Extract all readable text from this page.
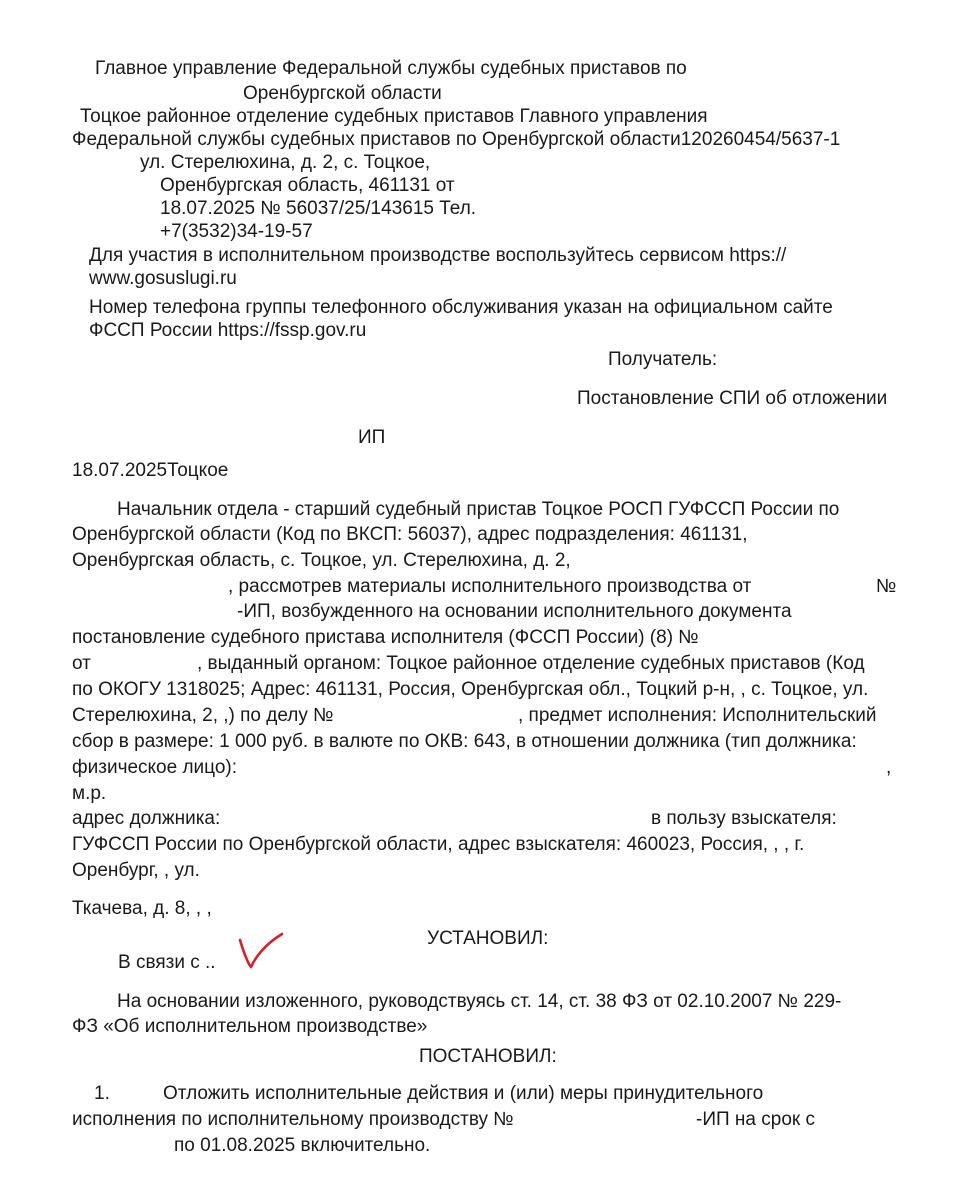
Главное управление Федеральной службы судебных приставов по
Оренбургской области
Тоцкое районное отделение судебных приставов Главного управления
Федеральной службы судебных приставов по Оренбургской области120260454/5637-1
ул. Стерелюхина, д. 2, с. Тоцкое,
Оренбургская область, 461131 от
18.07.2025 № 56037/25/143615 Тел.
+7(3532)34-19-57
Для участия в исполнительном производстве воспользуйтесь сервисом https://
www.gosuslugi.ru
Номер телефона группы телефонного обслуживания указан на официальном сайте
ФССП России https://fssp.gov.ru
Получатель:
Постановление СПИ об отложении
ИП
18.07.2025Тоцкое
Начальник отдела - старший судебный пристав Тоцкое РОСП ГУФССП России по
Оренбургской области (Код по ВКСП: 56037), адрес подразделения: 461131,
Оренбургская область, с. Тоцкое, ул. Стерелюхина, д. 2,
, рассмотрев материалы исполнительного производства от	№
-ИП, возбужденного на основании исполнительного документа
постановление судебного пристава исполнителя (ФССП России) (8) №
от	, выданный органом: Тоцкое районное отделение судебных приставов (Код
по ОКОГУ 1318025; Адрес: 461131, Россия, Оренбургская обл., Тоцкий р-н, , с. Тоцкое, ул.
Стерелюхина, 2, ,) по делу №	, предмет исполнения: Исполнительский
сбор в размере: 1 000 руб. в валюте по ОКВ: 643, в отношении должника (тип должника:
физическое лицо):	,
м.р.
адрес должника:	в пользу взыскателя:
ГУФССП России по Оренбургской области, адрес взыскателя: 460023, Россия, , , г.
Оренбург, , ул.
Ткачева, д. 8, , ,
УСТАНОВИЛ:
В связи с ..
На основании изложенного, руководствуясь ст. 14, ст. 38 ФЗ от 02.10.2007 № 229-
ФЗ «Об исполнительном производстве»
ПОСТАНОВИЛ:
1.	Отложить исполнительные действия и (или) меры принудительного
исполнения по исполнительному производству №	-ИП на срок с
по 01.08.2025 включительно.
